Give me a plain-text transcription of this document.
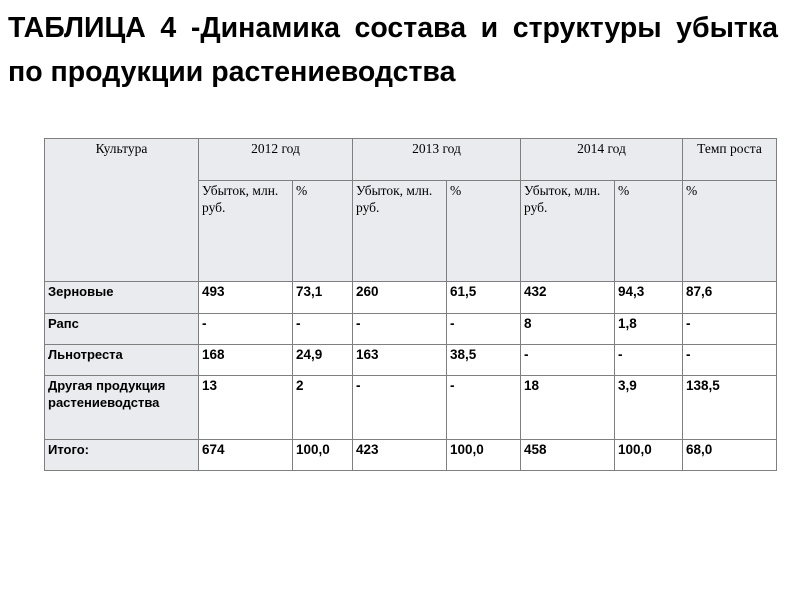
ТАБЛИЦА 4 -Динамика состава и структуры убытка по продукции растениеводства
Культура	2012 год		2013 год		2014 год		Темп роста
	Убыток, млн. руб.	%	Убыток, млн. руб.	%	Убыток, млн. руб.	%	%
Зерновые	493	73,1	260	61,5	432	94,3	87,6
Рапс	-	-	-	-	8	1,8	-
Льнотреста	168	24,9	163	38,5	-	-	-
Другая продукция растениеводства	13	2	-	-	18	3,9	138,5
Итого:	674	100,0	423	100,0	458	100,0	68,0
